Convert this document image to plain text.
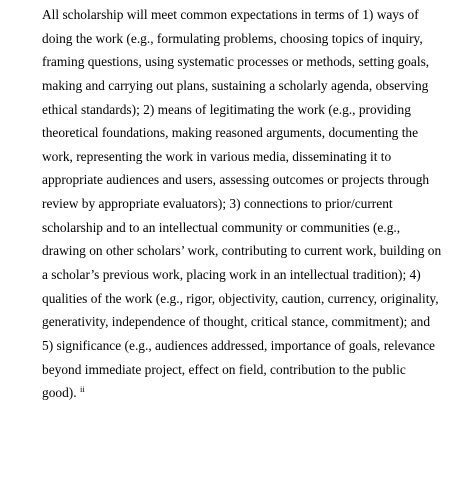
All scholarship will meet common expectations in terms of 1) ways of
doing the work (e.g., formulating problems, choosing topics of inquiry,
framing questions, using systematic processes or methods, setting goals,
making and carrying out plans, sustaining a scholarly agenda, observing
ethical standards); 2) means of legitimating the work (e.g., providing
theoretical foundations, making reasoned arguments, documenting the
work, representing the work in various media, disseminating it to
appropriate audiences and users, assessing outcomes or projects through
review by appropriate evaluators); 3) connections to prior/current
scholarship and to an intellectual community or communities (e.g.,
drawing on other scholars’ work, contributing to current work, building on
a scholar’s previous work, placing work in an intellectual tradition); 4)
qualities of the work (e.g., rigor, objectivity, caution, currency, originality,
generativity, independence of thought, critical stance, commitment); and
5) significance (e.g., audiences addressed, importance of goals, relevance
beyond immediate project, effect on field, contribution to the public
good). $^{ii}$
